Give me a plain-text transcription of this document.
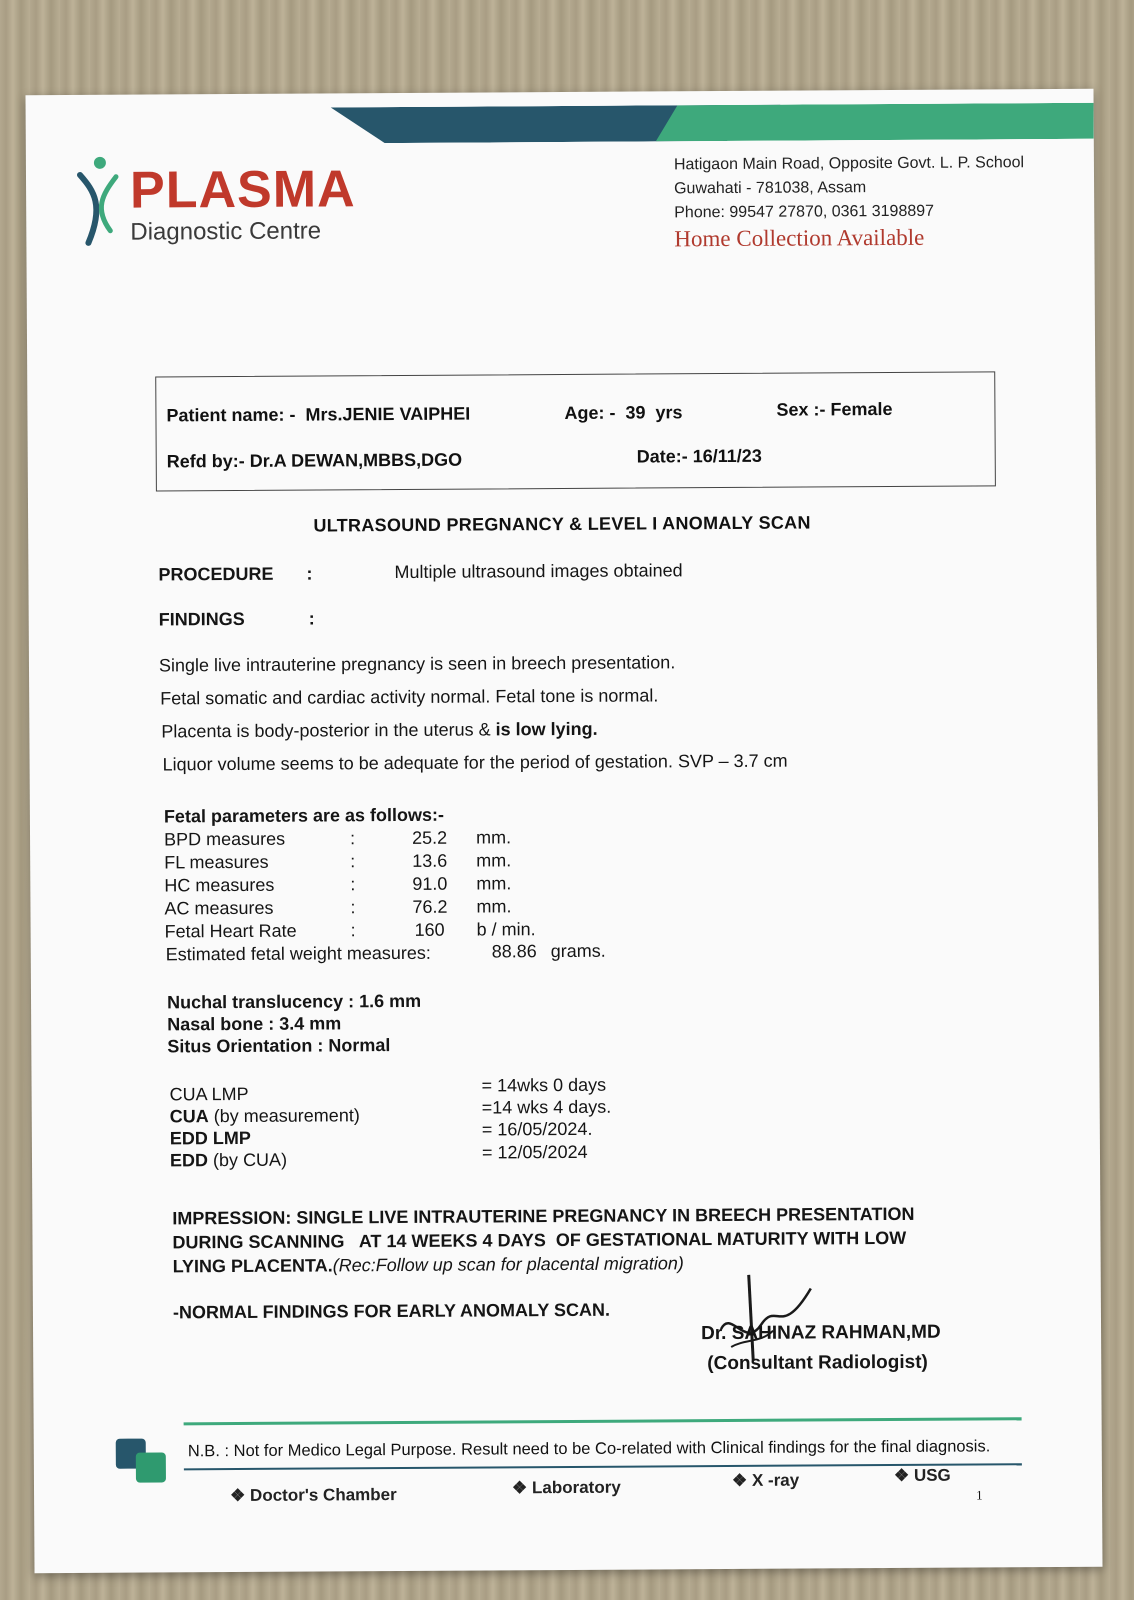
PLASMA
Diagnostic Centre
Hatigaon Main Road, Opposite Govt. L. P. School
Guwahati - 781038, Assam
Phone: 99547 27870, 0361 3198897
Home Collection Available
Patient name: - Mrs.JENIE VAIPHEI	Age: - 39 yrs	Sex :- Female
Refd by:- Dr.A DEWAN,MBBS,DGO	Date:- 16/11/23
ULTRASOUND PREGNANCY & LEVEL I ANOMALY SCAN
PROCEDURE :	Multiple ultrasound images obtained
FINDINGS	:
Single live intrauterine pregnancy is seen in breech presentation.
Fetal somatic and cardiac activity normal. Fetal tone is normal.
Placenta is body-posterior in the uterus & is low lying.
Liquor volume seems to be adequate for the period of gestation. SVP – 3.7 cm
Fetal parameters are as follows:-
BPD measures	:	25.2 mm.
FL measures	:	13.6 mm.
HC measures	:	91.0 mm.
AC measures	:	76.2 mm.
Fetal Heart Rate	:	160 b / min.
Estimated fetal weight measures:	88.86 grams.
Nuchal translucency : 1.6 mm
Nasal bone : 3.4 mm
Situs Orientation : Normal
CUA LMP	= 14wks 0 days
CUA (by measurement)	=14 wks 4 days.
EDD LMP	= 16/05/2024.
EDD (by CUA)	= 12/05/2024
IMPRESSION: SINGLE LIVE INTRAUTERINE PREGNANCY IN BREECH PRESENTATION
DURING SCANNING   AT 14 WEEKS 4 DAYS  OF GESTATIONAL MATURITY WITH LOW
LYING PLACENTA.(Rec:Follow up scan for placental migration)
-NORMAL FINDINGS FOR EARLY ANOMALY SCAN.
Dr. SAHINAZ RAHMAN,MD
(Consultant Radiologist)
N.B. : Not for Medico Legal Purpose. Result need to be Co-related with Clinical findings for the final diagnosis.
❖ Doctor's Chamber	❖ Laboratory	❖ X -ray	❖ USG
1
